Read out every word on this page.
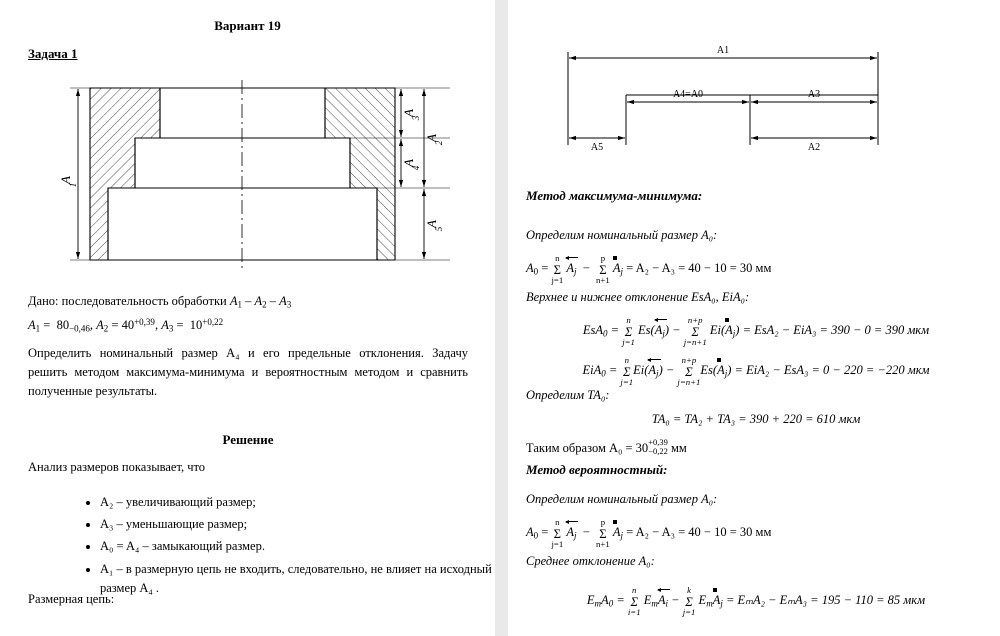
Вариант 19
Задача 1
A
1
A
2
A
3
A
4
A
5
Дано: последовательность обработки $A_1 - A_2 - A_3$
$A_1 = 80_{-0,46}$, $A_2 = 40^{+0,39}$, $A_3 = 10^{+0,22}$
Определить номинальный размер A₄ и его предельные отклонения. Задачу решить методом максимума-минимума и вероятностным методом и сравнить полученные результаты.
Решение
Анализ размеров показывает, что
• A₂ – увеличивающий размер;
• A₃ – уменьшающие размер;
• A₀ = A₄ – замыкающий размер.
• A₁ – в размерную цепь не входить, следовательно, не влияет на исходный размер A₄ .
Размерная цепь:
A1
A4=A0	A3
A5	A2
Метод максимума-минимума:
Определим номинальный размер A₀:
$A_0$ =
n
Σ
j=1
$A_j$  −
p
Σ
n+1
$A_j = A_2 - A_3 = 40 - 10 = 30$ мм
Верхнее и нижнее отклонение EsA₀, EiA₀:
EsA$_0$ =
n
Σ
j=1
$Es(A_j)$ −
n+p
Σ
j=n+1
$Ei(A_j) = EsA_2 - EiA_3 = 390 - 0 = 390$ мкм
EiA$_0$ =
n
Σ
j=1
$Ei(A_j)$ −
n+p
Σ
j=n+1
$Es(A_j) = EiA_2 - EsA_3 = 0 - 220 = -220$ мкм
Определим TA₀:
TA₀ = TA₂ + TA₃ = 390 + 220 = 610 мкм
Таким образом A₀ = 30 +0,39
−0,22 мм
Метод вероятностный:
Определим номинальный размер A₀:
$A_0$ =
n
Σ
j=1
$A_j$  −
p
Σ
n+1
$A_j = A_2 - A_3 = 40 - 10 = 30$ мм
Среднее отклонение A₀:
$E_mA_0$ =
n
Σ
i=1
$E_mA_i$ −
k
Σ
j=1
$E_mA_j = E_mA_2 - E_mA_3 = 195 - 110 = 85$ мкм
